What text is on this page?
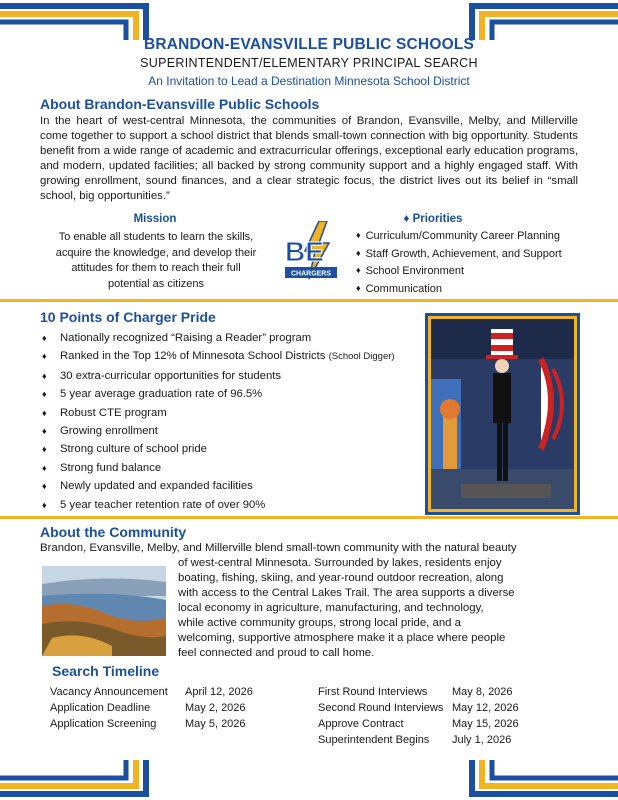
BRANDON-EVANSVILLE PUBLIC SCHOOLS
SUPERINTENDENT/ELEMENTARY PRINCIPAL SEARCH
An Invitation to Lead a Destination Minnesota School District
About Brandon-Evansville Public Schools
In the heart of west-central Minnesota, the communities of Brandon, Evansville, Melby, and Millerville come together to support a school district that blends small-town connection with big opportunity. Students benefit from a wide range of academic and extracurricular offerings, exceptional early education programs, and modern, updated facilities; all backed by strong community support and a highly engaged staff. With growing enrollment, sound finances, and a clear strategic focus, the district lives out its belief in “small school, big opportunities.”
Mission
To enable all students to learn the skills, acquire the knowledge, and develop their attitudes for them to reach their full potential as citizens
BE
CHARGERS
♦ Priorities
♦ Curriculum/Community Career Planning
♦ Staff Growth, Achievement, and Support
♦ School Environment
♦ Communication
10 Points of Charger Pride
♦ Nationally recognized “Raising a Reader” program
♦ Ranked in the Top 12% of Minnesota School Districts (School Digger)
♦ 30 extra-curricular opportunities for students
♦ 5 year average graduation rate of 96.5%
♦ Robust CTE program
♦ Growing enrollment
♦ Strong culture of school pride
♦ Strong fund balance
♦ Newly updated and expanded facilities
♦ 5 year teacher retention rate of over 90%
About the Community
Brandon, Evansville, Melby, and Millerville blend small-town community with the natural beauty
of west-central Minnesota. Surrounded by lakes, residents enjoy
boating, fishing, skiing, and year-round outdoor recreation, along
with access to the Central Lakes Trail. The area supports a diverse
local economy in agriculture, manufacturing, and technology,
while active community groups, strong local pride, and a
welcoming, supportive atmosphere make it a place where people
feel connected and proud to call home.
Search Timeline
Vacancy Announcement	April 12, 2026
Application Deadline	May 2, 2026
Application Screening	May 5, 2026
First Round Interviews	May 8, 2026
Second Round Interviews May 12, 2026
Approve Contract	May 15, 2026
Superintendent Begins	July 1, 2026
